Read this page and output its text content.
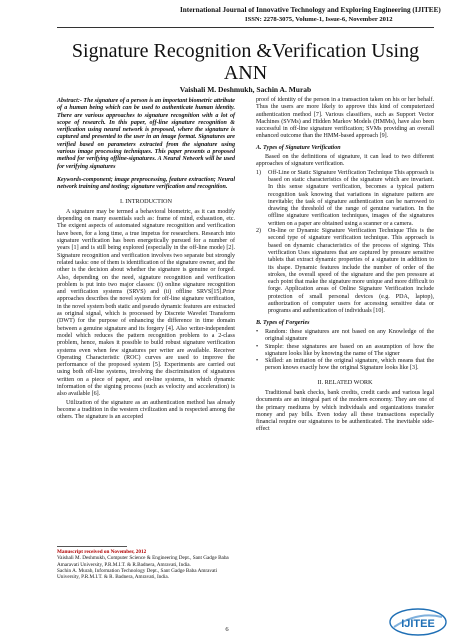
International Journal of Innovative Technology and Exploring Engineering (IJITEE)
ISSN: 2278-3075, Volume-1, Issue-6, November 2012
Signature Recognition &Verification Using
ANN
Vaishali M. Deshmukh, Sachin A. Murab

Abstract:- The signature of a person is an important biometric attribute of a human being which can be used to authenticate human identity. There are various approaches to signature recognition with a lot of scope of research. In this paper, off-line signature recognition & verification using neural network is proposed, where the signature is captured and presented to the user in an image format. Signatures are verified based on parameters extracted from the signature using various image processing techniques. This paper presents a proposed method for verifying offline-signatures. A Neural Network will be used for verifying signatures

Keywords-component; image preprocessing, feature extraction; Neural network training and testing; signature verification and recognition.

I. INTRODUCTION

A signature may be termed a behavioral biometric, as it can modify depending on many essentials such as: frame of mind, exhaustion, etc. The exigent aspects of automated signature recognition and verification have been, for a long time, a true impetus for researchers. Research into signature verification has been energetically pursued for a number of years [1] and is still being explored (especially in the off-line mode) [2]. Signature recognition and verification involves two separate but strongly related tasks: one of them is identification of the signature owner, and the other is the decision about whether the signature is genuine or forged. Also, depending on the need, signature recognition and verification problem is put into two major classes: (i) online signature recognition and verification systems (SRVS) and (ii) offline SRVS[15].Prior approaches describes the novel system for off-line signature verification, in the novel system both static and pseudo dynamic features are extracted as original signal, which is processed by Discrete Wavelet Transform (DWT) for the purpose of enhancing the difference in time domain between a genuine signature and its forgery [4]. Also writer-independent model which reduces the pattern recognition problem to a 2-class problem, hence, makes it possible to build robust signature verification systems even when few signatures per writer are available. Receiver Operating Characteristic (ROC) curves are used to improve the performance of the proposed system [5]. Experiments are carried out using both off-line systems, involving the discrimination of signatures written on a piece of paper, and on-line systems, in which dynamic information of the signing process (such as velocity and acceleration) is also available [6].

Utilization of the signature as an authentication method has already become a tradition in the western civilization and is respected among the others. The signature is an accepted

Manuscript received on November, 2012
Vaishali M. Deshmukh, Computer Science & Engineering Dept., Sant Gadge Baba Amaravati University, P.R.M.I.T. & R.Badnera, Amravati, India.
Sachin A. Murab, Information Technology Dept., Sant Gadge Baba Amravati University, P.R.M.I.T. & R. Badnera, Amravati, India.

proof of identity of the person in a transaction taken on his or her behalf. Thus the users are more likely to approve this kind of computerized authentication method [7]. Various classifiers, such as Support Vector Machines (SVMs) and Hidden Markov Models (HMMs), have also been successful in off-line signature verification; SVMs providing an overall enhanced outcome than the HMM-based approach [9].

A. Types of Signature Verification

Based on the definitions of signature, it can lead to two different approaches of signature verification.

1) Off-Line or Static Signature Verification Technique This approach is based on static characteristics of the signature which are invariant. In this sense signature verification, becomes a typical pattern recognition task knowing that variations in signature pattern are inevitable; the task of signature authentication can be narrowed to drawing the threshold of the range of genuine variation. In the offline signature verification techniques, images of the signatures written on a paper are obtained using a scanner or a camera.
2) On-line or Dynamic Signature Verification Technique This is the second type of signature verification technique. This approach is based on dynamic characteristics of the process of signing. This verification Uses signatures that are captured by pressure sensitive tablets that extract dynamic properties of a signature in addition to its shape. Dynamic features include the number of order of the strokes, the overall speed of the signature and the pen pressure at each point that make the signature more unique and more difficult to forge. Application areas of Online Signature Verification include protection of small personal devices (e.g. PDA, laptop), authorization of computer users for accessing sensitive data or programs and authentication of individuals [10].
B. Types of Forgeries
• Random: these signatures are not based on any Knowledge of the original signature
• Simple: these signatures are based on an assumption of how the signature looks like by knowing the name of The signer
• Skilled: an imitation of the original signature, which means that the person knows exactly how the original Signature looks like [3].
II. RELATED WORK

Traditional bank checks, bank credits, credit cards and various legal documents are an integral part of the modern economy. They are one of the primary mediums by which individuals and organizations transfer money and pay bills. Even today all these transactions especially financial require our signatures to be authenticated. The inevitable side-effect

6	IJITEE
